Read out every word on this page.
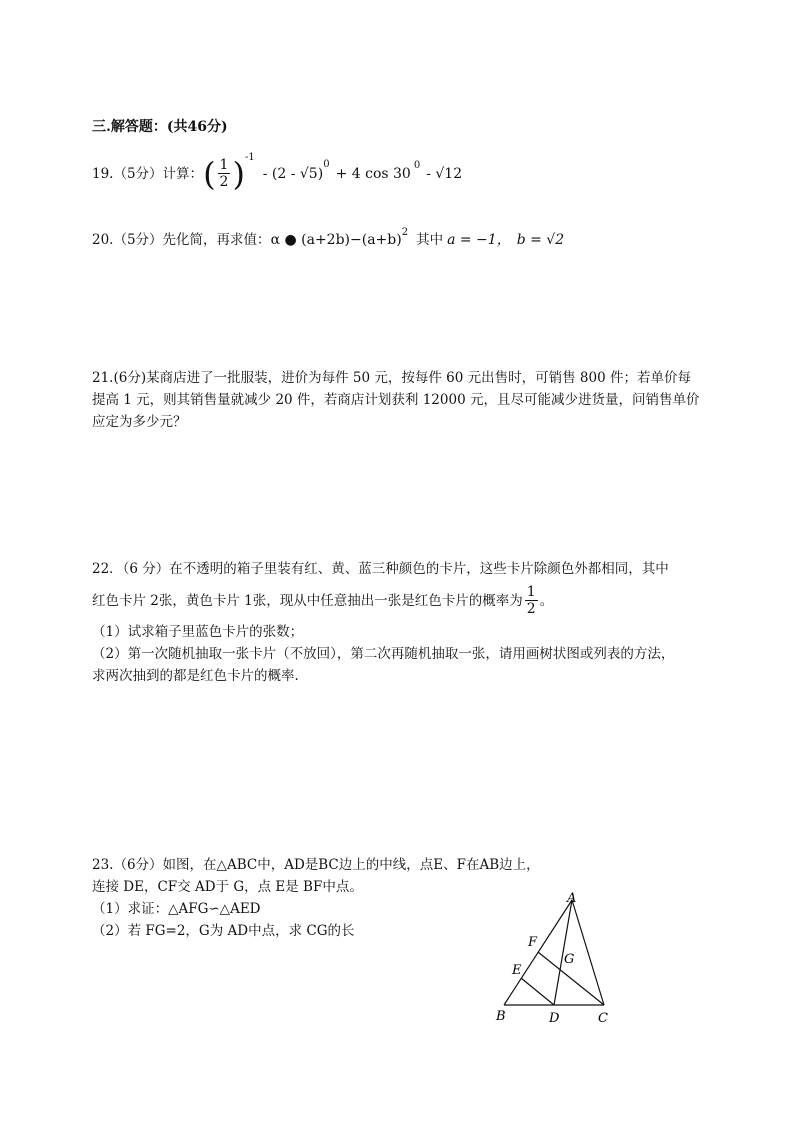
三.解答题：(共46分)
19.（5分）计算： ( $\frac{1}{2}$ ) -1
- (2 - √5)
0
+ 4 cos 30
0
- √12
20.（5分）先化简，再求值： α ● (a+2b)−(a+b) 2 其中 a = −1， b = √2
21.(6分)某商店进了一批服装，进价为每件 50 元，按每件 60 元出售时，可销售 800 件；若单价每
提高 1 元，则其销售量就减少 20 件，若商店计划获利 12000 元，且尽可能减少进货量，问销售单价
应定为多少元？
22．（6 分）在不透明的箱子里装有红、黄、蓝三种颜色的卡片，这些卡片除颜色外都相同，其中
红色卡片 2张，黄色卡片 1张，现从中任意抽出一张是红色卡片的概率为 $\frac{1}{2}$ 。
（1）试求箱子里蓝色卡片的张数；
（2）第一次随机抽取一张卡片（不放回），第二次再随机抽取一张，请用画树状图或列表的方法，
求两次抽到的都是红色卡片的概率.
23.（6分）如图，在△ABC中，AD是BC边上的中线，点E、F在AB边上，
连接 DE，CF交 AD于 G，点 E是 BF中点。
（1）求证：△AFG∽△AED
（2）若 FG=2，G为 AD中点，求 CG的长
A
B	C
D
E
F
G
